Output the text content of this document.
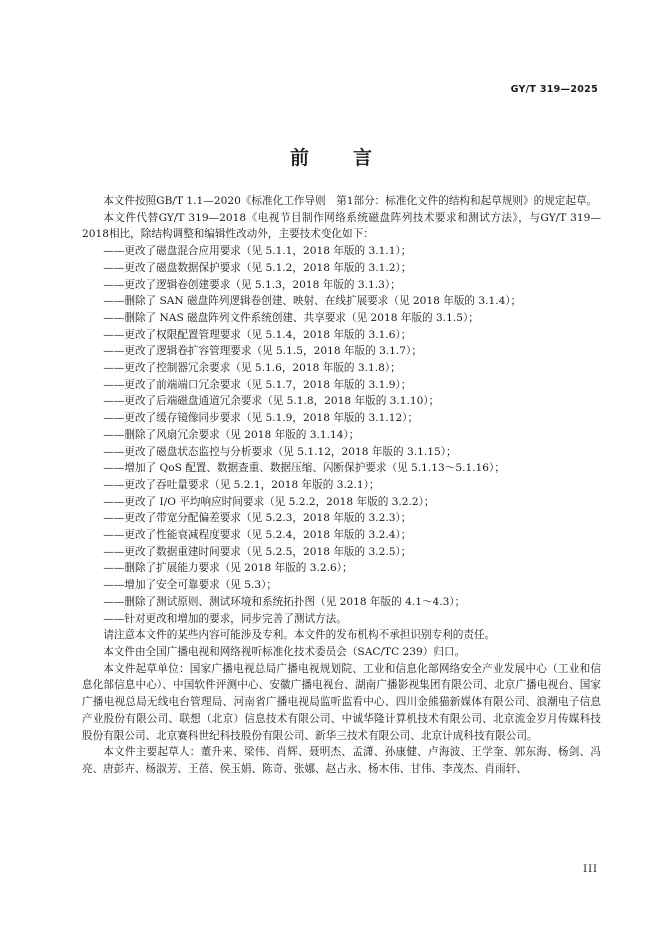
GY/T 319—2025
前 言

本文件按照GB/T 1.1—2020《标准化工作导则　第1部分：标准化文件的结构和起草规则》的规定起草。

本文件代替GY/T 319—2018《电视节目制作网络系统磁盘阵列技术要求和测试方法》，与GY/T 319—2018相比，除结构调整和编辑性改动外，主要技术变化如下：

——更改了磁盘混合应用要求（见 5.1.1，2018 年版的 3.1.1）；

——更改了磁盘数据保护要求（见 5.1.2，2018 年版的 3.1.2）；

——更改了逻辑卷创建要求（见 5.1.3，2018 年版的 3.1.3）；

——删除了 SAN 磁盘阵列逻辑卷创建、映射、在线扩展要求（见 2018 年版的 3.1.4）；

——删除了 NAS 磁盘阵列文件系统创建、共享要求（见 2018 年版的 3.1.5）；

——更改了权限配置管理要求（见 5.1.4，2018 年版的 3.1.6）；

——更改了逻辑卷扩容管理要求（见 5.1.5，2018 年版的 3.1.7）；

——更改了控制器冗余要求（见 5.1.6，2018 年版的 3.1.8）；

——更改了前端端口冗余要求（见 5.1.7，2018 年版的 3.1.9）；

——更改了后端磁盘通道冗余要求（见 5.1.8，2018 年版的 3.1.10）；

——更改了缓存镜像同步要求（见 5.1.9，2018 年版的 3.1.12）；

——删除了风扇冗余要求（见 2018 年版的 3.1.14）；

——更改了磁盘状态监控与分析要求（见 5.1.12，2018 年版的 3.1.15）；

——增加了 QoS 配置、数据查重、数据压缩、闪断保护要求（见 5.1.13～5.1.16）；

——更改了吞吐量要求（见 5.2.1，2018 年版的 3.2.1）；

——更改了 I/O 平均响应时间要求（见 5.2.2，2018 年版的 3.2.2）；

——更改了带宽分配偏差要求（见 5.2.3，2018 年版的 3.2.3）；

——更改了性能衰减程度要求（见 5.2.4，2018 年版的 3.2.4）；

——更改了数据重建时间要求（见 5.2.5，2018 年版的 3.2.5）；

——删除了扩展能力要求（见 2018 年版的 3.2.6）；

——增加了安全可靠要求（见 5.3）；

——删除了测试原则、测试环境和系统拓扑图（见 2018 年版的 4.1～4.3）；

——针对更改和增加的要求，同步完善了测试方法。

请注意本文件的某些内容可能涉及专利。本文件的发布机构不承担识别专利的责任。

本文件由全国广播电视和网络视听标准化技术委员会（SAC/TC 239）归口。

本文件起草单位：国家广播电视总局广播电视规划院、工业和信息化部网络安全产业发展中心（工业和信息化部信息中心）、中国软件评测中心、安徽广播电视台、湖南广播影视集团有限公司、北京广播电视台、国家广播电视总局无线电台管理局、河南省广播电视局监听监看中心、四川金熊猫新媒体有限公司、浪潮电子信息产业股份有限公司、联想（北京）信息技术有限公司、中诚华隆计算机技术有限公司、北京流金岁月传媒科技股份有限公司、北京赛科世纪科技股份有限公司、新华三技术有限公司、北京计成科技有限公司。

本文件主要起草人：董升来、梁伟、肖辉、聂明杰、孟潇、孙康健、卢海波、王学奎、郭东海、杨剑、冯亮、唐彭卉、杨淑芳、王蓓、侯玉娟、陈奇、张娜、赵占永、杨木伟、甘伟、李茂杰、肖雨轩、

III
